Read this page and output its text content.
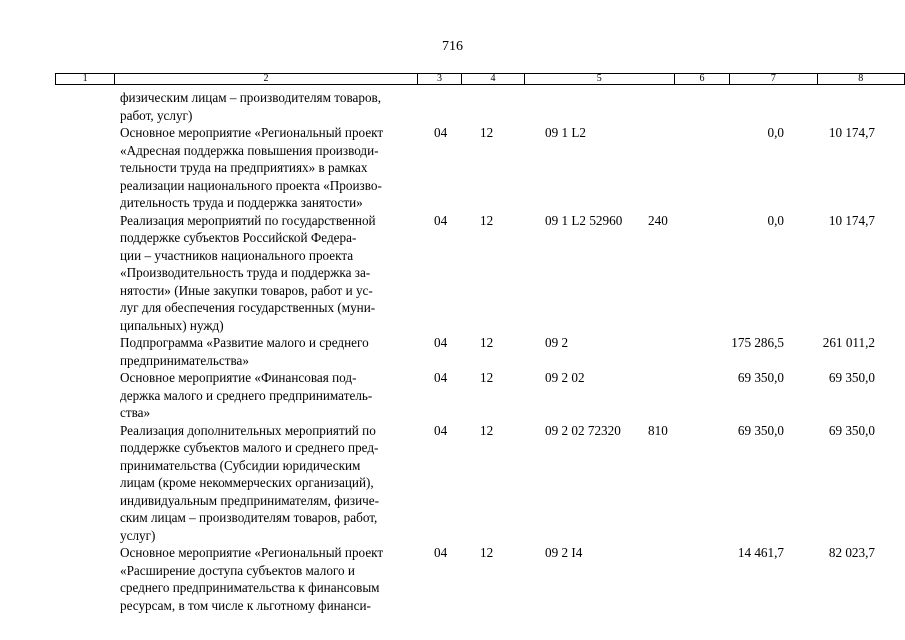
716
1	2	3	4	5	6	7	8
физическим лицам – производителям товаров,
работ, услуг)
Основное мероприятие «Региональный проект
«Адресная поддержка повышения производи-
тельности труда на предприятиях» в рамках
реализации национального проекта «Произво-
дительность труда и поддержка занятости»
04 12	09 1 L2	0,0	10 174,7
Реализация мероприятий по государственной
поддержке субъектов Российской Федера-
ции – участников национального проекта
«Производительность труда и поддержка за-
нятости» (Иные закупки товаров, работ и ус-
луг для обеспечения государственных (муни-
ципальных) нужд)
04 12	09 1 L2 52960 240	0,0	10 174,7
Подпрограмма «Развитие малого и среднего
предпринимательства»
04 12	09 2	175 286,5	261 011,2
Основное мероприятие «Финансовая под-
держка малого и среднего предприниматель-
ства»
04 12	09 2 02	69 350,0	69 350,0
Реализация дополнительных мероприятий по
поддержке субъектов малого и среднего пред-
принимательства (Субсидии юридическим
лицам (кроме некоммерческих организаций),
индивидуальным предпринимателям, физиче-
ским лицам – производителям товаров, работ,
услуг)
04 12	09 2 02 72320 810	69 350,0	69 350,0
Основное мероприятие «Региональный проект
«Расширение доступа субъектов малого и
среднего предпринимательства к финансовым
ресурсам, в том числе к льготному финанси-
04 12	09 2 I4	14 461,7	82 023,7
